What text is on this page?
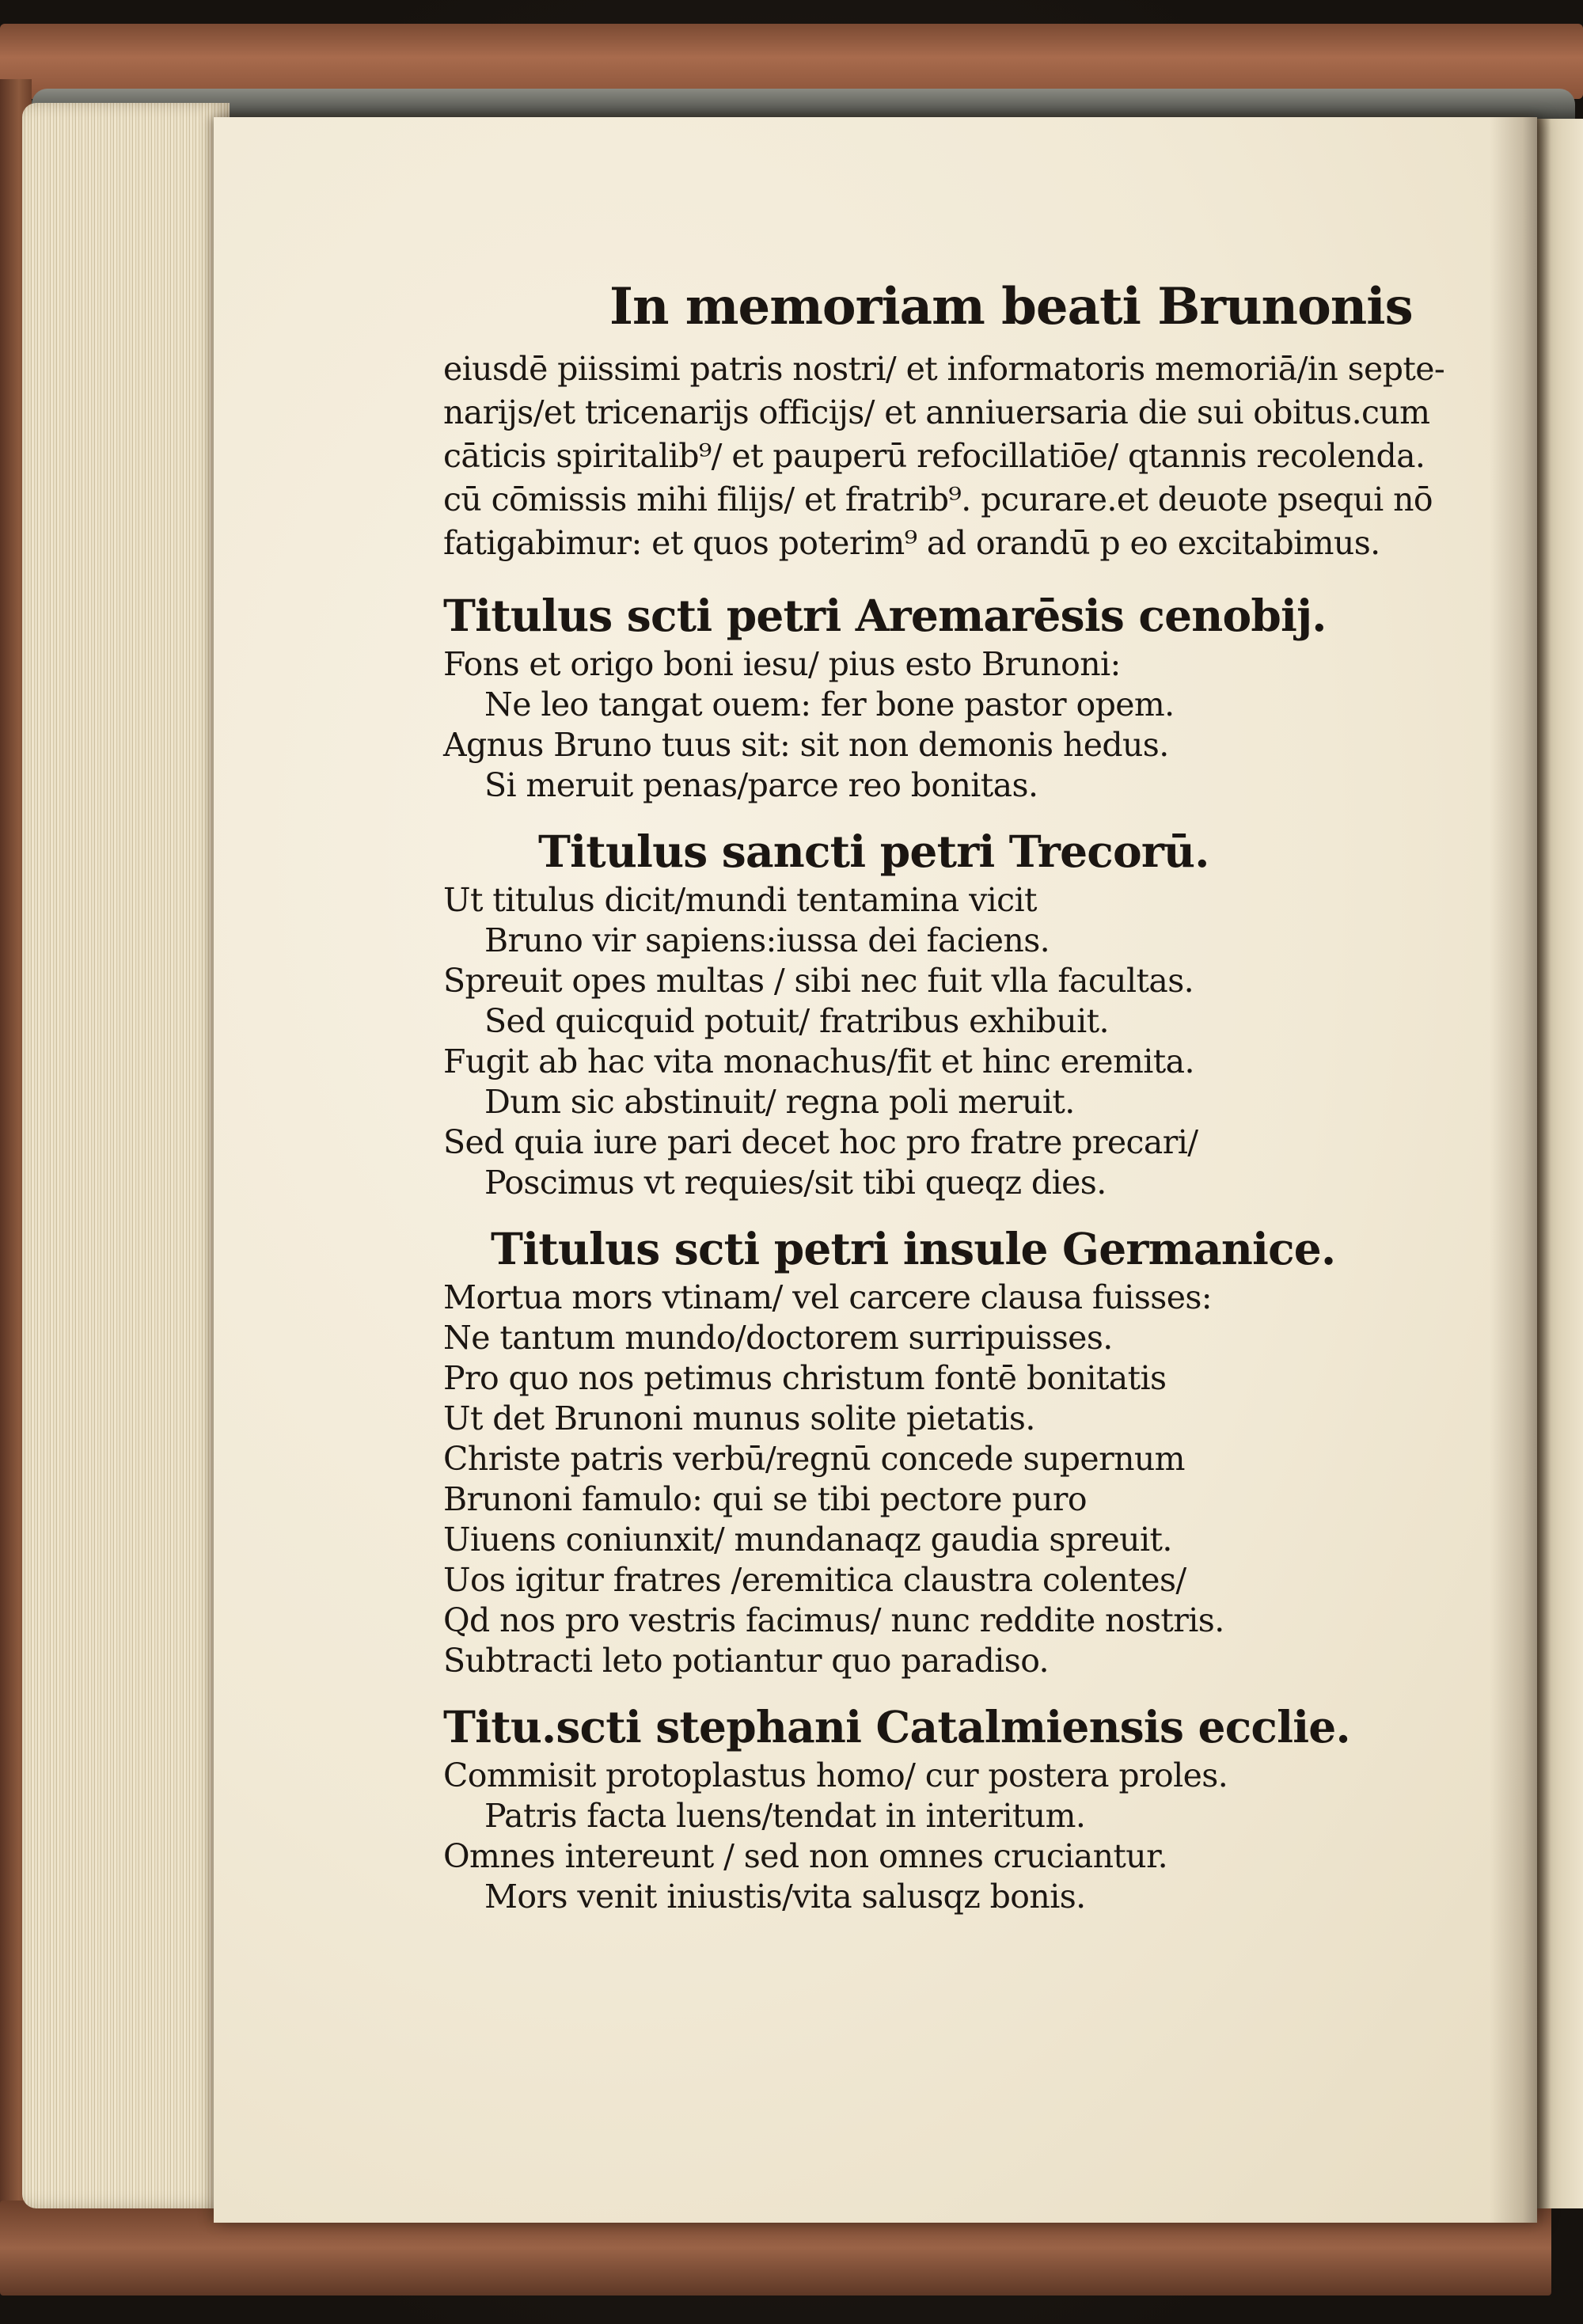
In memoriam beati Brunonis
eiusdē piissimi patris nostri/ et informatoris memoriā/in septe-
narijs/et tricenarijs officijs/ et anniuersaria die sui obitus.cum
cāticis spiritalib⁹/ et pauperū refocillatiōe/ qtannis recolenda.
cū cōmissis mihi filijs/ et fratrib⁹. pcurare.et deuote psequi nō
fatigabimur: et quos poterim⁹ ad orandū p eo excitabimus.
Titulus scti petri Aremarēsis cenobij.
Fons et origo boni iesu/ pius esto Brunoni:
Ne leo tangat ouem: fer bone pastor opem.
Agnus Bruno tuus sit: sit non demonis hedus.
Si meruit penas/parce reo bonitas.
Titulus sancti petri Trecorū.
Ut titulus dicit/mundi tentamina vicit
Bruno vir sapiens:iussa dei faciens.
Spreuit opes multas / sibi nec fuit vlla facultas.
Sed quicquid potuit/ fratribus exhibuit.
Fugit ab hac vita monachus/fit et hinc eremita.
Dum sic abstinuit/ regna poli meruit.
Sed quia iure pari decet hoc pro fratre precari/
Poscimus vt requies/sit tibi queqz dies.
Titulus scti petri insule Germanice.
Mortua mors vtinam/ vel carcere clausa fuisses:
Ne tantum mundo/doctorem surripuisses.
Pro quo nos petimus christum fontē bonitatis
Ut det Brunoni munus solite pietatis.
Christe patris verbū/regnū concede supernum
Brunoni famulo: qui se tibi pectore puro
Uiuens coniunxit/ mundanaqz gaudia spreuit.
Uos igitur fratres /eremitica claustra colentes/
Qd nos pro vestris facimus/ nunc reddite nostris.
Subtracti leto potiantur quo paradiso.
Titu.scti stephani Catalmiensis ecclie.
Commisit protoplastus homo/ cur postera proles.
Patris facta luens/tendat in interitum.
Omnes intereunt / sed non omnes cruciantur.
Mors venit iniustis/vita salusqz bonis.
